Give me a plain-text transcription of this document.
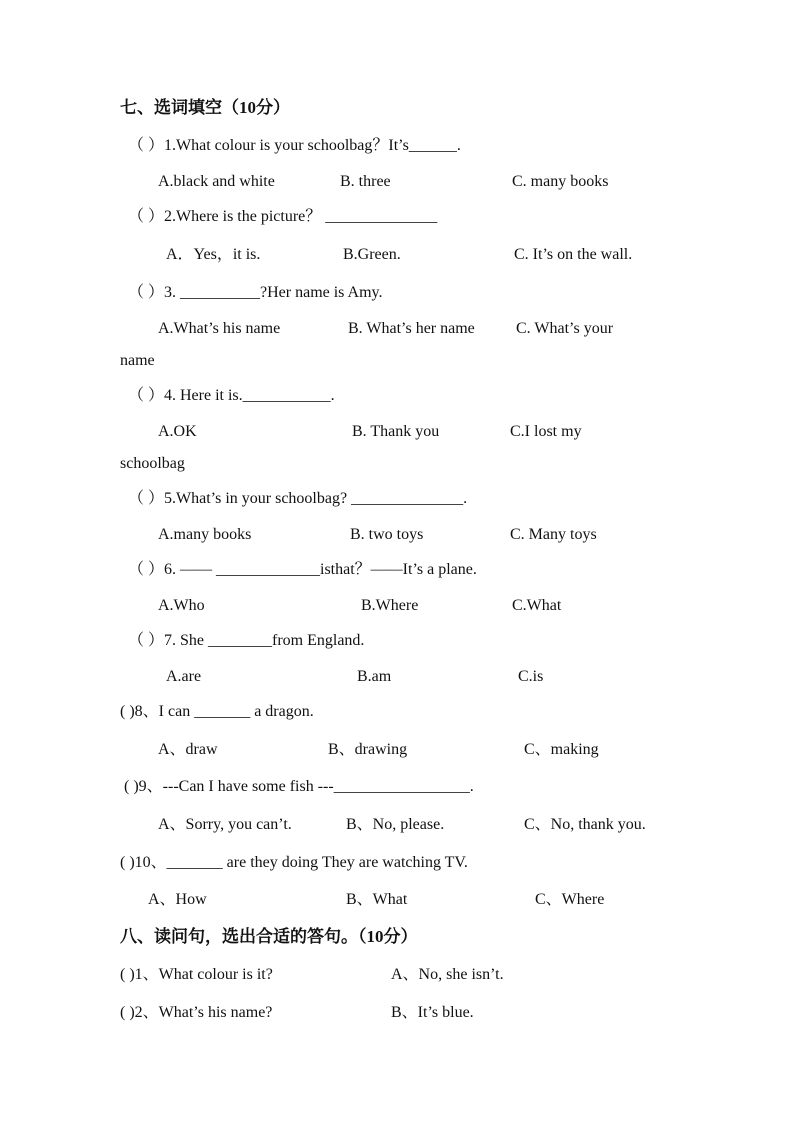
七、选词填空（10分）
（ ）1.What colour is your schoolbag？It’s______.
A.black and white	B. three	C. many books
（ ）2.Where is the picture？ ______________
A．Yes，it is.	B.Green.	C. It’s on the wall.
（ ）3. __________?Her name is Amy.
A.What’s his name	B. What’s her name	C. What’s your
name
（ ）4. Here it is.___________.
A.OK	B. Thank you	C.I lost my
schoolbag
（ ）5.What’s in your schoolbag? ______________.
A.many books	B. two toys	C. Many toys
（ ）6. —— _____________isthat？——It’s a plane.
A.Who	B.Where	C.What
（ ）7. She ________from England.
A.are	B.am	C.is
( )8、I can _______ a dragon.
A、draw	B、drawing	C、making
( )9、---Can I have some fish ---_________________.
A、Sorry, you can’t.	B、No, please.	C、No, thank you.
( )10、_______ are they doing They are watching TV.
A、How	B、What	C、Where
八、读问句，选出合适的答句。（10分）
( )1、What colour is it?	A、No, she isn’t.
( )2、What’s his name?	B、It’s blue.
